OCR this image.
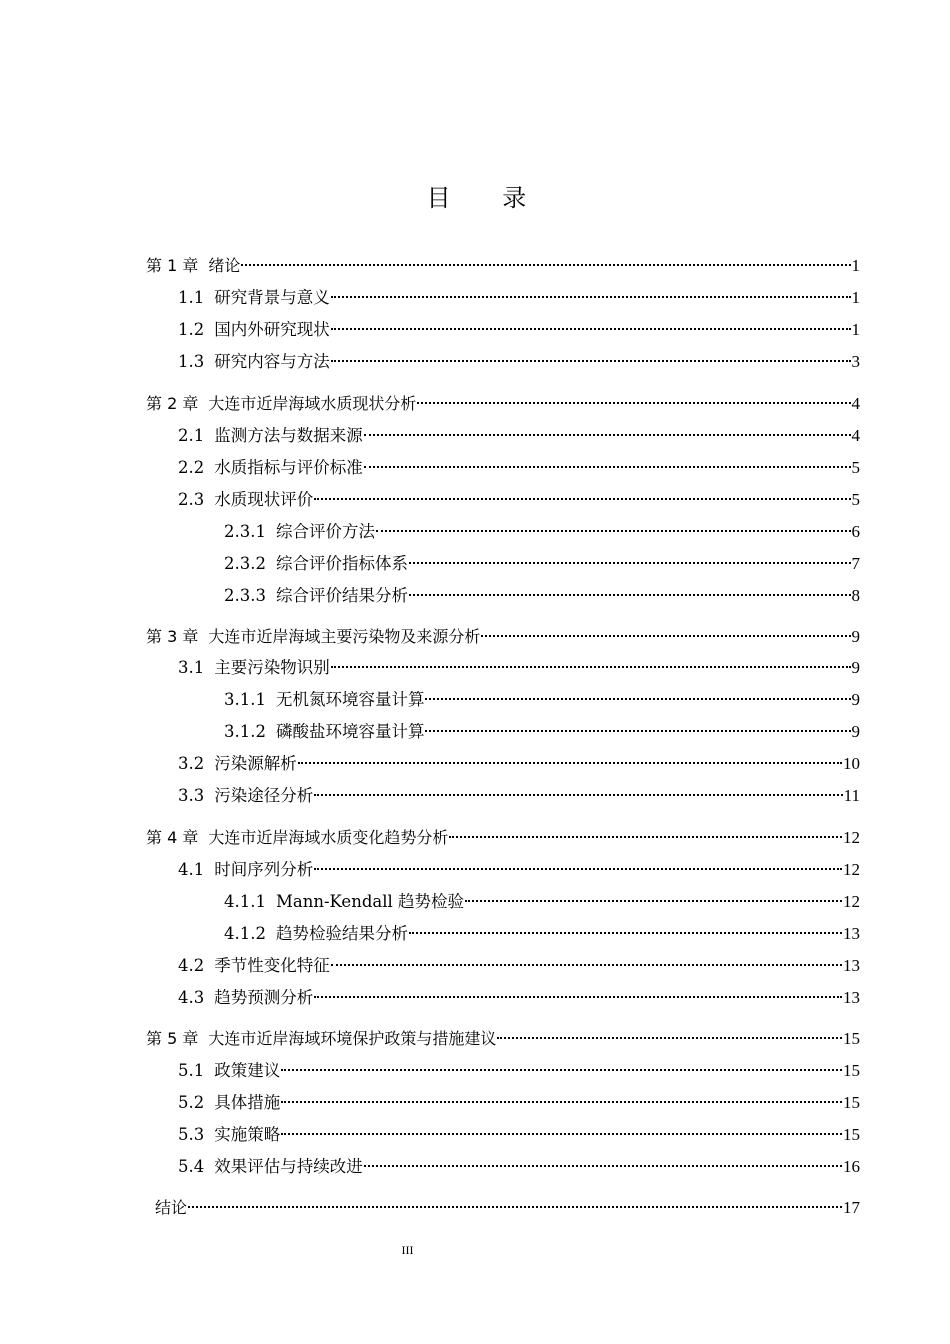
目 录
第 1 章 绪论	1
1.1 研究背景与意义	1
1.2 国内外研究现状	1
1.3 研究内容与方法	3
第 2 章 大连市近岸海域水质现状分析	4
2.1 监测方法与数据来源	4
2.2 水质指标与评价标准	5
2.3 水质现状评价	5
2.3.1 综合评价方法	6
2.3.2 综合评价指标体系	7
2.3.3 综合评价结果分析	8
第 3 章 大连市近岸海域主要污染物及来源分析	9
3.1 主要污染物识别	9
3.1.1 无机氮环境容量计算	9
3.1.2 磷酸盐环境容量计算	9
3.2 污染源解析	10
3.3 污染途径分析	11
第 4 章 大连市近岸海域水质变化趋势分析	12
4.1 时间序列分析	12
4.1.1 Mann-Kendall 趋势检验	12
4.1.2 趋势检验结果分析	13
4.2 季节性变化特征	13
4.3 趋势预测分析	13
第 5 章 大连市近岸海域环境保护政策与措施建议	15
5.1 政策建议	15
5.2 具体措施	15
5.3 实施策略	15
5.4 效果评估与持续改进	16
结论	17
III
